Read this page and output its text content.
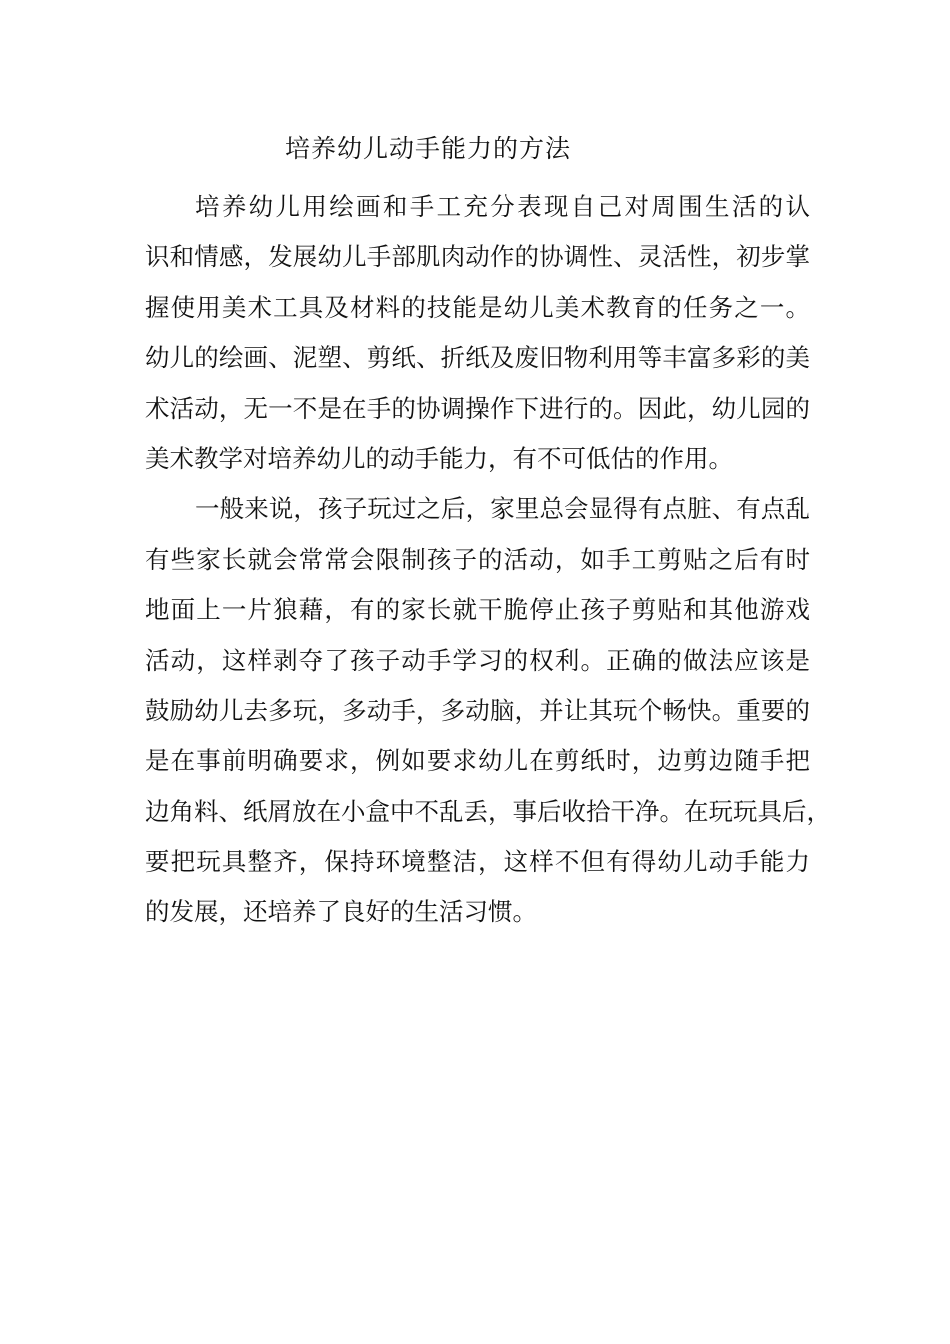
培养幼儿动手能力的方法
培养幼儿用绘画和手工充分表现自己对周围生活的认
识和情感，发展幼儿手部肌肉动作的协调性、灵活性，初步掌
握使用美术工具及材料的技能是幼儿美术教育的任务之一。
幼儿的绘画、泥塑、剪纸、折纸及废旧物利用等丰富多彩的美
术活动，无一不是在手的协调操作下进行的。因此，幼儿园的
美术教学对培养幼儿的动手能力，有不可低估的作用。
一般来说，孩子玩过之后，家里总会显得有点脏、有点乱
有些家长就会常常会限制孩子的活动，如手工剪贴之后有时
地面上一片狼藉，有的家长就干脆停止孩子剪贴和其他游戏
活动，这样剥夺了孩子动手学习的权利。正确的做法应该是
鼓励幼儿去多玩，多动手，多动脑，并让其玩个畅快。重要的
是在事前明确要求，例如要求幼儿在剪纸时，边剪边随手把
边角料、纸屑放在小盒中不乱丢，事后收拾干净。在玩玩具后，
要把玩具整齐，保持环境整洁，这样不但有得幼儿动手能力
的发展，还培养了良好的生活习惯。
